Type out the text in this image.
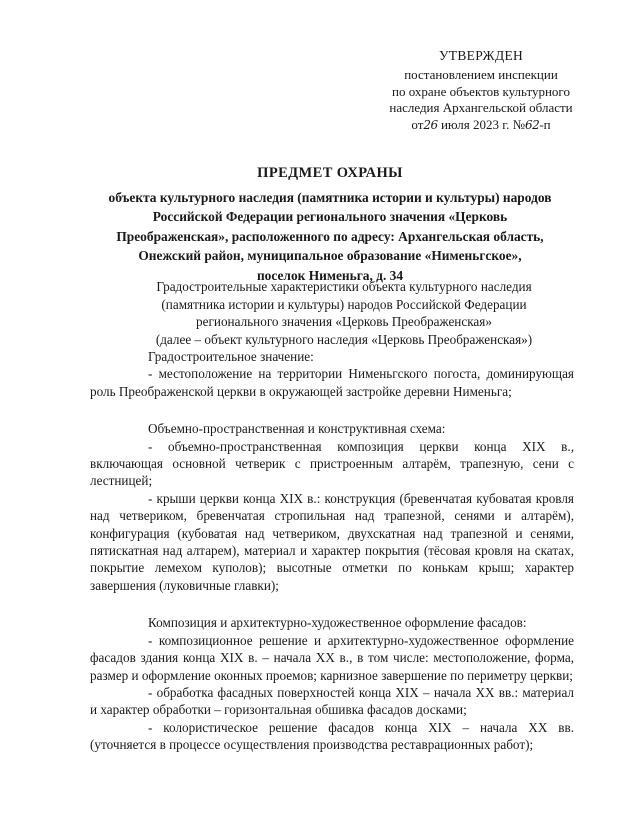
УТВЕРЖДЕН
постановлением инспекции
по охране объектов культурного
наследия Архангельской области
от26 июля 2023 г. №62-п
ПРЕДМЕТ ОХРАНЫ
объекта культурного наследия (памятника истории и культуры) народов
Российской Федерации регионального значения «Церковь
Преображенская», расположенного по адресу: Архангельская область,
Онежский район, муниципальное образование «Нименьгское»,
поселок Нименьга, д. 34
Градостроительные характеристики объекта культурного наследия
(памятника истории и культуры) народов Российской Федерации
регионального значения «Церковь Преображенская»
(далее – объект культурного наследия «Церковь Преображенская»)

Градостроительное значение:

- местоположение на территории Нименьгского погоста, доминирующая роль Преображенской церкви в окружающей застройке деревни Нименьга;

Объемно-пространственная и конструктивная схема:

- объемно-пространственная композиция церкви конца XIX в., включающая основной четверик с пристроенным алтарём, трапезную, сени с лестницей;

- крыши церкви конца XIX в.: конструкция (бревенчатая кубоватая кровля над четвериком, бревенчатая стропильная над трапезной, сенями и алтарём), конфигурация (кубоватая над четвериком, двухскатная над трапезной и сенями, пятискатная над алтарем), материал и характер покрытия (тёсовая кровля на скатах, покрытие лемехом куполов); высотные отметки по конькам крыш; характер завершения (луковичные главки);

Композиция и архитектурно-художественное оформление фасадов:

- композиционное решение и архитектурно-художественное оформление фасадов здания конца XIX в. – начала XX в., в том числе: местоположение, форма, размер и оформление оконных проемов; карнизное завершение по периметру церкви;

- обработка фасадных поверхностей конца XIX – начала XX вв.: материал и характер обработки – горизонтальная обшивка фасадов досками;

- колористическое решение фасадов конца XIX – начала XX вв. (уточняется в процессе осуществления производства реставрационных работ);
